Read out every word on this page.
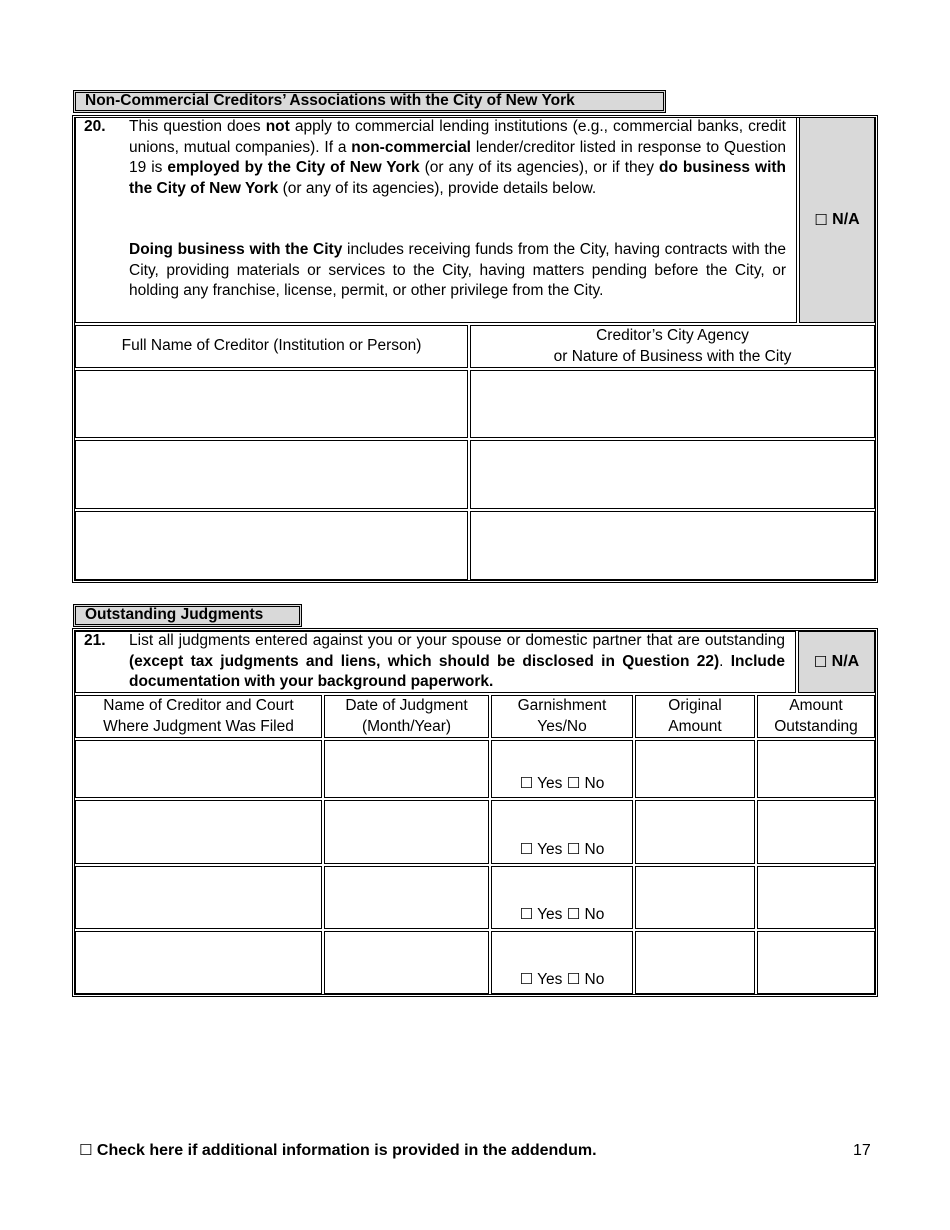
Non-Commercial Creditors’ Associations with the City of New York
20. This question does not apply to commercial lending institutions (e.g., commercial banks, credit unions, mutual companies). If a non-commercial lender/creditor listed in response to Question 19 is employed by the City of New York (or any of its agencies), or if they do business with the City of New York (or any of its agencies), provide details below.
Doing business with the City includes receiving funds from the City, having contracts with the City, providing materials or services to the City, having matters pending before the City, or holding any franchise, license, permit, or other privilege from the City.
☐
N/A
Full Name of Creditor (Institution or Person)
Creditor’s City Agency
or Nature of Business with the City
Outstanding Judgments
21. List all judgments entered against you or your spouse or domestic partner that are outstanding (except tax judgments and liens, which should be disclosed in Question 22). Include documentation with your background paperwork.
☐
N/A
Name of Creditor and Court
Where Judgment Was Filed
Date of Judgment
(Month/Year)
Garnishment
Yes/No
Original
Amount
Amount
Outstanding
☐ Yes
☐ No
☐ Yes
☐ No
☐ Yes
☐ No
☐ Yes
☐ No
☐ Check here if additional information is provided in the addendum.	17
